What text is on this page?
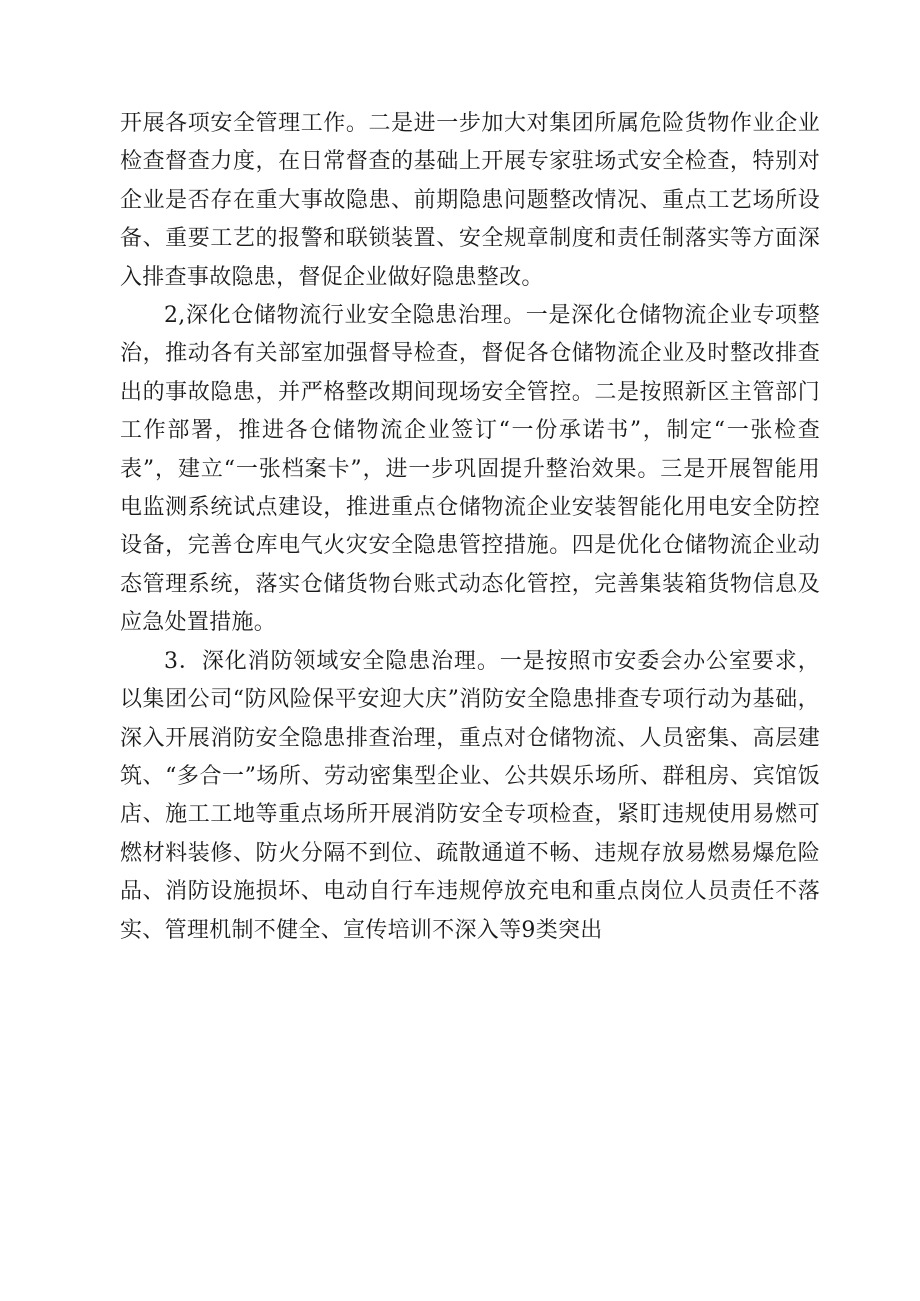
开展各项安全管理工作。二是进一步加大对集团所属危险货物作业企业检查督查力度，在日常督查的基础上开展专家驻场式安全检查，特别对企业是否存在重大事故隐患、前期隐患问题整改情况、重点工艺场所设备、重要工艺的报警和联锁装置、安全规章制度和责任制落实等方面深入排查事故隐患，督促企业做好隐患整改。

2,深化仓储物流行业安全隐患治理。一是深化仓储物流企业专项整治，推动各有关部室加强督导检查，督促各仓储物流企业及时整改排查出的事故隐患，并严格整改期间现场安全管控。二是按照新区主管部门工作部署，推进各仓储物流企业签订“一份承诺书”，制定“一张检查表”，建立“一张档案卡”，进一步巩固提升整治效果。三是开展智能用电监测系统试点建设，推进重点仓储物流企业安装智能化用电安全防控设备，完善仓库电气火灾安全隐患管控措施。四是优化仓储物流企业动态管理系统，落实仓储货物台账式动态化管控，完善集装箱货物信息及应急处置措施。

3．深化消防领域安全隐患治理。一是按照市安委会办公室要求，以集团公司“防风险保平安迎大庆”消防安全隐患排查专项行动为基础，深入开展消防安全隐患排查治理，重点对仓储物流、人员密集、高层建筑、“多合一”场所、劳动密集型企业、公共娱乐场所、群租房、宾馆饭店、施工工地等重点场所开展消防安全专项检查，紧盯违规使用易燃可燃材料装修、防火分隔不到位、疏散通道不畅、违规存放易燃易爆危险品、消防设施损坏、电动自行车违规停放充电和重点岗位人员责任不落实、管理机制不健全、宣传培训不深入等9类突出
